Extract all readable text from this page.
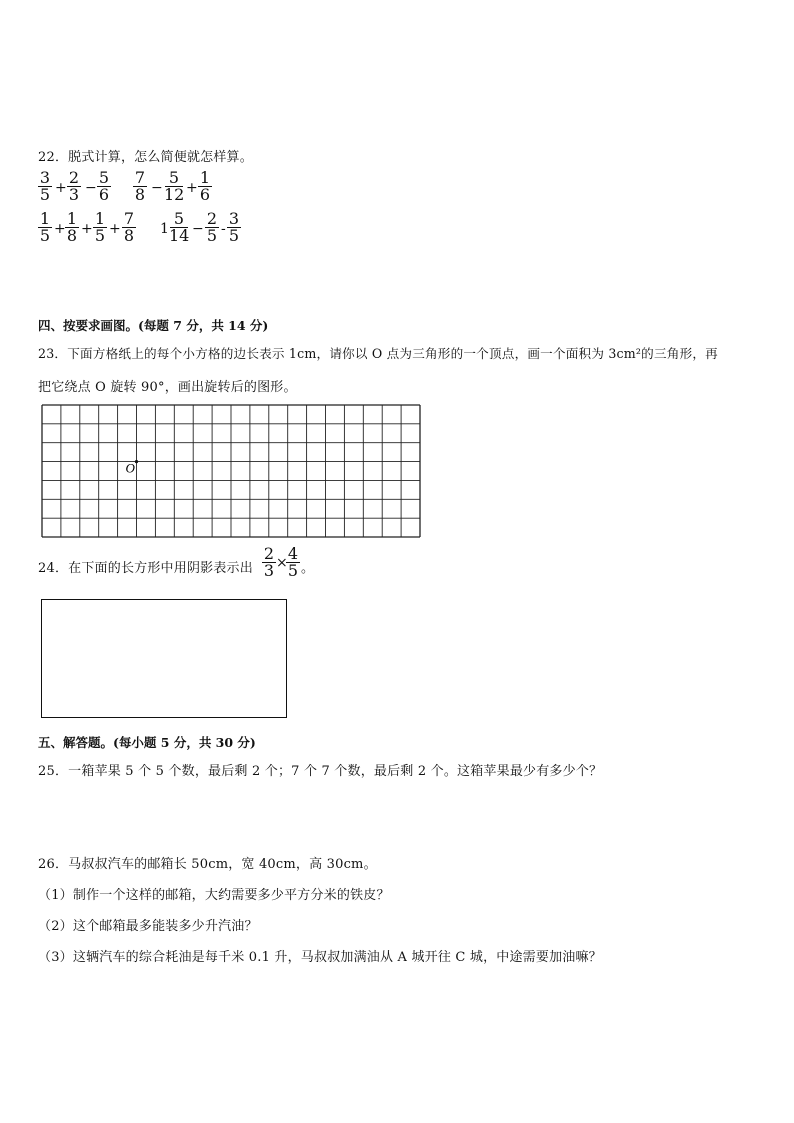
22．脱式计算，怎么简便就怎样算。
3
5 +
2
3 −
5
6
7
8 −
5
12 +
1
6
1
5 +
1
8 +
1
5 +
7
8 1
5
14 −
2
5 -
3
5
四、按要求画图。(每题 7 分，共 14 分)
23．下面方格纸上的每个小方格的边长表示 1cm，请你以 O 点为三角形的一个顶点，画一个面积为 3cm²的三角形，再
把它绕点 O 旋转 90°，画出旋转后的图形。
O
24．在下面的长方形中用阴影表示出
2
3 × 4
5 。
五、解答题。(每小题 5 分，共 30 分)
25．一箱苹果 5 个 5 个数，最后剩 2 个；7 个 7 个数，最后剩 2 个。这箱苹果最少有多少个？
26．马叔叔汽车的邮箱长 50cm，宽 40cm，高 30cm。
（1）制作一个这样的邮箱，大约需要多少平方分米的铁皮？
（2）这个邮箱最多能装多少升汽油？
（3）这辆汽车的综合耗油是每千米 0.1 升，马叔叔加满油从 A 城开往 C 城，中途需要加油嘛？
